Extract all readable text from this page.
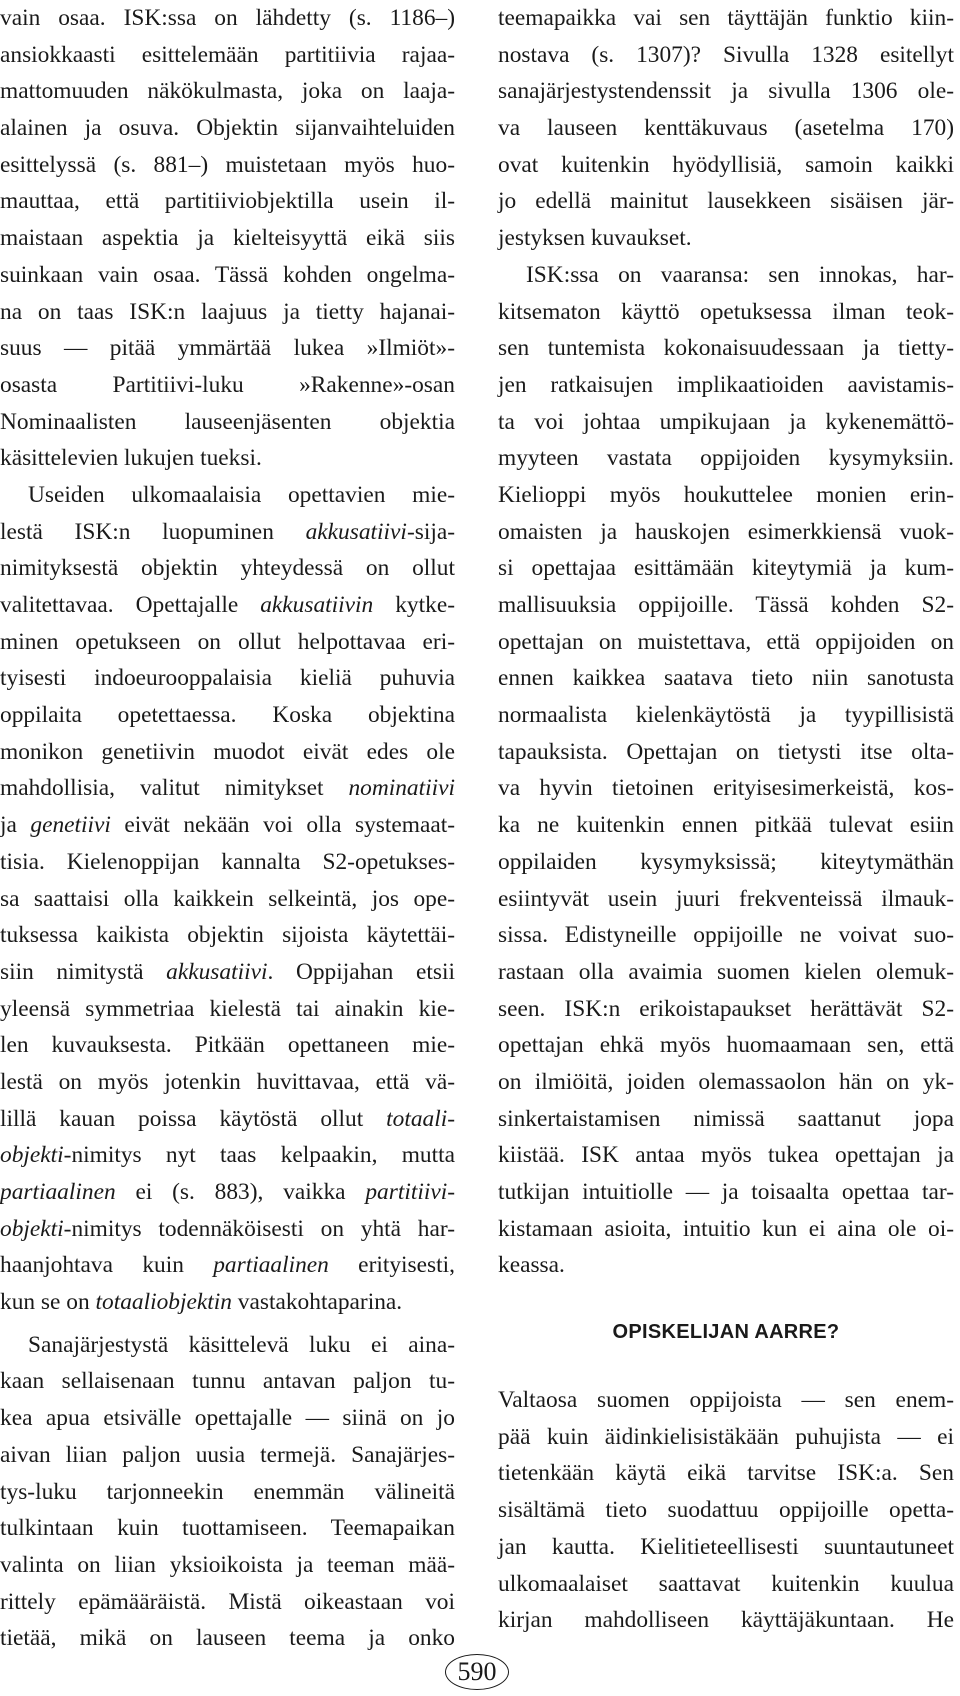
vain osaa. ISK:ssa on lähdetty (s. 1186–)
ansiokkaasti esittelemään partitiivia rajaa-
mattomuuden näkökulmasta, joka on laaja-
alainen ja osuva. Objektin sijanvaihteluiden
esittelyssä (s. 881–) muistetaan myös huo-
mauttaa, että partitiiviobjektilla usein il-
maistaan aspektia ja kielteisyyttä eikä siis
suinkaan vain osaa. Tässä kohden ongelma-
na on taas ISK:n laajuus ja tietty hajanai-
suus — pitää ymmärtää lukea »Ilmiöt»-
osasta Partitiivi-luku »Rakenne»-osan
Nominaalisten lauseenjäsenten objektia
käsittelevien lukujen tueksi.
Useiden ulkomaalaisia opettavien mie-
lestä ISK:n luopuminen akkusatiivi-sija-
nimityksestä objektin yhteydessä on ollut
valitettavaa. Opettajalle akkusatiivin kytke-
minen opetukseen on ollut helpottavaa eri-
tyisesti indoeurooppalaisia kieliä puhuvia
oppilaita opetettaessa. Koska objektina
monikon genetiivin muodot eivät edes ole
mahdollisia, valitut nimitykset nominatiivi
ja genetiivi eivät nekään voi olla systemaat-
tisia. Kielenoppijan kannalta S2-opetukses-
sa saattaisi olla kaikkein selkeintä, jos ope-
tuksessa kaikista objektin sijoista käytettäi-
siin nimitystä akkusatiivi. Oppijahan etsii
yleensä symmetriaa kielestä tai ainakin kie-
len kuvauksesta. Pitkään opettaneen mie-
lestä on myös jotenkin huvittavaa, että vä-
lillä kauan poissa käytöstä ollut totaali-
objekti-nimitys nyt taas kelpaakin, mutta
partiaalinen ei (s. 883), vaikka partitiivi-
objekti-nimitys todennäköisesti on yhtä har-
haanjohtava kuin partiaalinen erityisesti,
kun se on totaaliobjektin vastakohtaparina.
Sanajärjestystä käsittelevä luku ei aina-
kaan sellaisenaan tunnu antavan paljon tu-
kea apua etsivälle opettajalle — siinä on jo
aivan liian paljon uusia termejä. Sanajärjes-
tys-luku tarjonneekin enemmän välineitä
tulkintaan kuin tuottamiseen. Teemapaikan
valinta on liian yksioikoista ja teeman mää-
rittely epämääräistä. Mistä oikeastaan voi
tietää, mikä on lauseen teema ja onko
teemapaikka vai sen täyttäjän funktio kiin-
nostava (s. 1307)? Sivulla 1328 esitellyt
sanajärjestystendenssit ja sivulla 1306 ole-
va lauseen kenttäkuvaus (asetelma 170)
ovat kuitenkin hyödyllisiä, samoin kaikki
jo edellä mainitut lausekkeen sisäisen jär-
jestyksen kuvaukset.
ISK:ssa on vaaransa: sen innokas, har-
kitsematon käyttö opetuksessa ilman teok-
sen tuntemista kokonaisuudessaan ja tietty-
jen ratkaisujen implikaatioiden aavistamis-
ta voi johtaa umpikujaan ja kykenemättö-
myyteen vastata oppijoiden kysymyksiin.
Kielioppi myös houkuttelee monien erin-
omaisten ja hauskojen esimerkkiensä vuok-
si opettajaa esittämään kiteytymiä ja kum-
mallisuuksia oppijoille. Tässä kohden S2-
opettajan on muistettava, että oppijoiden on
ennen kaikkea saatava tieto niin sanotusta
normaalista kielenkäytöstä ja tyypillisistä
tapauksista. Opettajan on tietysti itse olta-
va hyvin tietoinen erityisesimerkeistä, kos-
ka ne kuitenkin ennen pitkää tulevat esiin
oppilaiden kysymyksissä; kiteytymäthän
esiintyvät usein juuri frekventeissä ilmauk-
sissa. Edistyneille oppijoille ne voivat suo-
rastaan olla avaimia suomen kielen olemuk-
seen. ISK:n erikoistapaukset herättävät S2-
opettajan ehkä myös huomaamaan sen, että
on ilmiöitä, joiden olemassaolon hän on yk-
sinkertaistamisen nimissä saattanut jopa
kiistää. ISK antaa myös tukea opettajan ja
tutkijan intuitiolle — ja toisaalta opettaa tar-
kistamaan asioita, intuitio kun ei aina ole oi-
keassa.
OPISKELIJAN AARRE?
Valtaosa suomen oppijoista — sen enem-
pää kuin äidinkielisistäkään puhujista — ei
tietenkään käytä eikä tarvitse ISK:a. Sen
sisältämä tieto suodattuu oppijoille opetta-
jan kautta. Kielitieteellisesti suuntautuneet
ulkomaalaiset saattavat kuitenkin kuulua
kirjan mahdolliseen käyttäjäkuntaan. He
590
